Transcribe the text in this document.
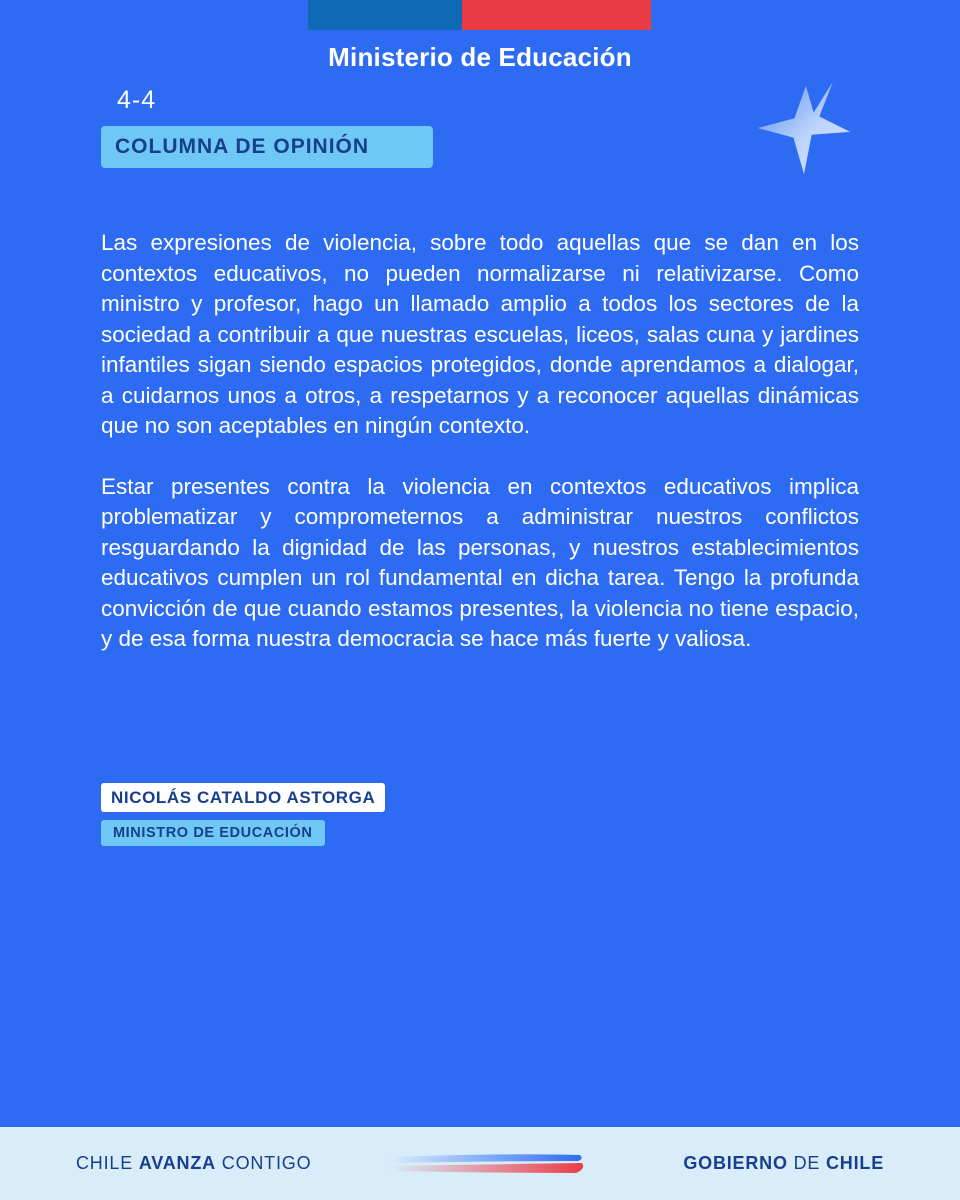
Ministerio de Educación
4-4
COLUMNA DE OPINIÓN

Las expresiones de violencia, sobre todo aquellas que se dan en los contextos educativos, no pueden normalizarse ni relativizarse. Como ministro y profesor, hago un llamado amplio a todos los sectores de la sociedad a contribuir a que nuestras escuelas, liceos, salas cuna y jardines infantiles sigan siendo espacios protegidos, donde aprendamos a dialogar, a cuidarnos unos a otros, a respetarnos y a reconocer aquellas dinámicas que no son aceptables en ningún contexto.

Estar presentes contra la violencia en contextos educativos implica problematizar y comprometernos a administrar nuestros conflictos resguardando la dignidad de las personas, y nuestros establecimientos educativos cumplen un rol fundamental en dicha tarea. Tengo la profunda convicción de que cuando estamos presentes, la violencia no tiene espacio, y de esa forma nuestra democracia se hace más fuerte y valiosa.

NICOLÁS CATALDO ASTORGA
MINISTRO DE EDUCACIÓN
CHILE AVANZA CONTIGO	GOBIERNO DE CHILE
